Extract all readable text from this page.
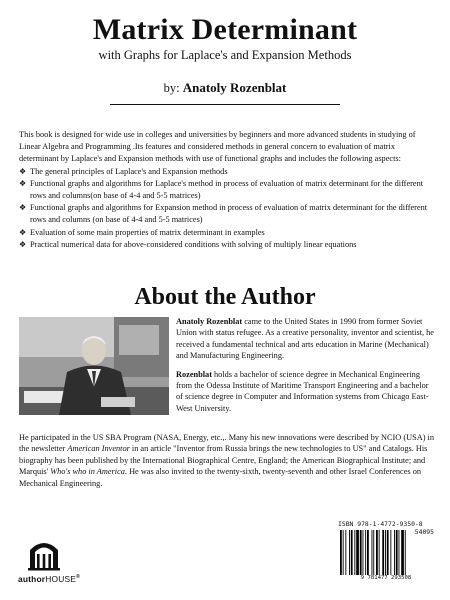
Matrix Determinant
with Graphs for Laplace's and Expansion Methods
by: Anatoly Rozenblat

This book is designed for wide use in colleges and universities by beginners and more advanced students in studying of Linear Algebra and Programming .Its features and considered methods in general concern to evaluation of matrix determinant by Laplace's and Expansion methods with use of functional graphs and includes the following aspects:

❖ The general principles of Laplace's and Expansion methods
❖ Functional graphs and algorithms for Laplace's method in process of evaluation of matrix determinant for the different rows and columns(on base of 4-4 and 5-5 matrices)
❖ Functional graphs and algorithms for Expansion method in process of evaluation of matrix determinant for the different rows and columns (on base of 4-4 and 5-5 matrices)
❖ Evaluation of some main properties of matrix determinant in examples
❖ Practical numerical data for above-considered conditions with solving of multiply linear equations
About the Author

Anatoly Rozenblat came to the United States in 1990 from former Soviet Union with status refugee. As a creative personality, inventor and scientist, he received a fundamental technical and arts education in Marine (Mechanical) and Manufacturing Engineering.

Rozenblat holds a bachelor of science degree in Mechanical Engineering from the Odessa Institute of Maritime Transport Engineering and a bachelor of science degree in Computer and Information systems from Chicago East-West University.

He participated in the US SBA Program (NASA, Energy, etc.,. Many his new innovations were described by NCIO (USA) in the newsletter American Inventor in an article "Inventor from Russia brings the new technologies to US" and Catalogs. His biography has been published by the International Biographical Centre, England; the American Biographical Institute; and Marquis' Who's who in America. He was also invited to the twenty-sixth, twenty-seventh and other Israel Conferences on Mechanical Engineering.

authorHOUSE®
ISBN 978-1-4772-9350-8
54095
9 781477 293508
